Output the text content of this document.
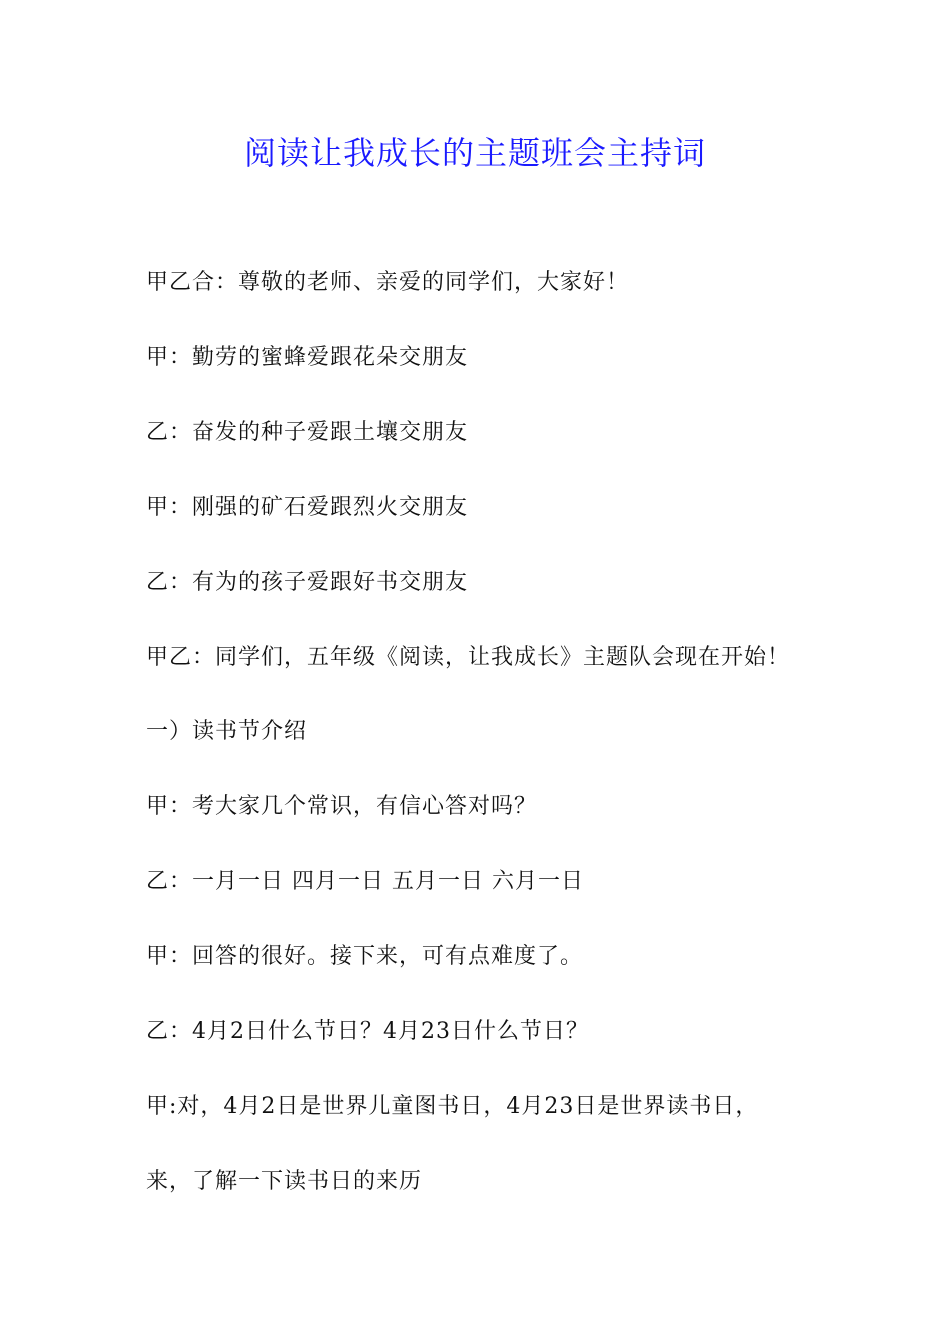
阅读让我成长的主题班会主持词
甲乙合：尊敬的老师、亲爱的同学们，大家好！
甲：勤劳的蜜蜂爱跟花朵交朋友
乙：奋发的种子爱跟土壤交朋友
甲：刚强的矿石爱跟烈火交朋友
乙：有为的孩子爱跟好书交朋友
甲乙：同学们，五年级《阅读，让我成长》主题队会现在开始！
一）读书节介绍
甲：考大家几个常识，有信心答对吗？
乙：一月一日 四月一日 五月一日 六月一日
甲：回答的很好。接下来，可有点难度了。
乙：4月2日什么节日？4月23日什么节日？
甲:对，4月2日是世界儿童图书日，4月23日是世界读书日，
来，了解一下读书日的来历
